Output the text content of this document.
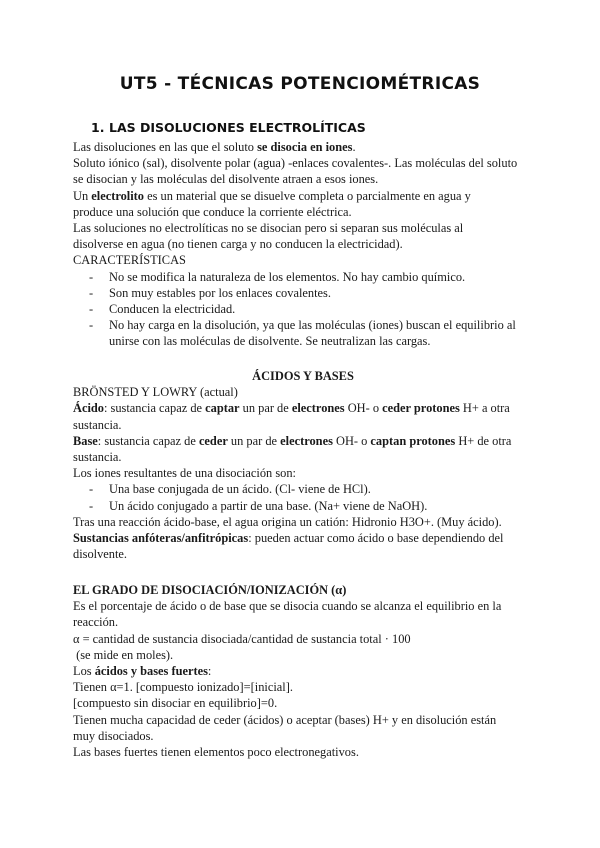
UT5 - TÉCNICAS POTENCIOMÉTRICAS
1. LAS DISOLUCIONES ELECTROLÍTICAS
Las disoluciones en las que el soluto se disocia en iones.
Soluto iónico (sal), disolvente polar (agua) -enlaces covalentes-. Las moléculas del soluto
se disocian y las moléculas del disolvente atraen a esos iones.
Un electrolito es un material que se disuelve completa o parcialmente en agua y
produce una solución que conduce la corriente eléctrica.
Las soluciones no electrolíticas no se disocian pero si separan sus moléculas al
disolverse en agua (no tienen carga y no conducen la electricidad).
CARACTERÍSTICAS
-	No se modifica la naturaleza de los elementos. No hay cambio químico.
-	Son muy estables por los enlaces covalentes.
-	Conducen la electricidad.
-	No hay carga en la disolución, ya que las moléculas (iones) buscan el equilibrio al
unirse con las moléculas de disolvente. Se neutralizan las cargas.
ÁCIDOS Y BASES
BRÖNSTED Y LOWRY (actual)
Ácido: sustancia capaz de captar un par de electrones OH- o ceder protones H+ a otra
sustancia.
Base: sustancia capaz de ceder un par de electrones OH- o captan protones H+ de otra
sustancia.
Los iones resultantes de una disociación son:
-	Una base conjugada de un ácido. (Cl- viene de HCl).
-	Un ácido conjugado a partir de una base. (Na+ viene de NaOH).
Tras una reacción ácido-base, el agua origina un catión: Hidronio H3O+. (Muy ácido).
Sustancias anfóteras/anfitrópicas: pueden actuar como ácido o base dependiendo del
disolvente.
EL GRADO DE DISOCIACIÓN/IONIZACIÓN (α)
Es el porcentaje de ácido o de base que se disocia cuando se alcanza el equilibrio en la
reacción.
α = cantidad de sustancia disociada/cantidad de sustancia total · 100
(se mide en moles).
Los ácidos y bases fuertes:
Tienen α=1. [compuesto ionizado]=[inicial].
[compuesto sin disociar en equilibrio]=0.
Tienen mucha capacidad de ceder (ácidos) o aceptar (bases) H+ y en disolución están
muy disociados.
Las bases fuertes tienen elementos poco electronegativos.
